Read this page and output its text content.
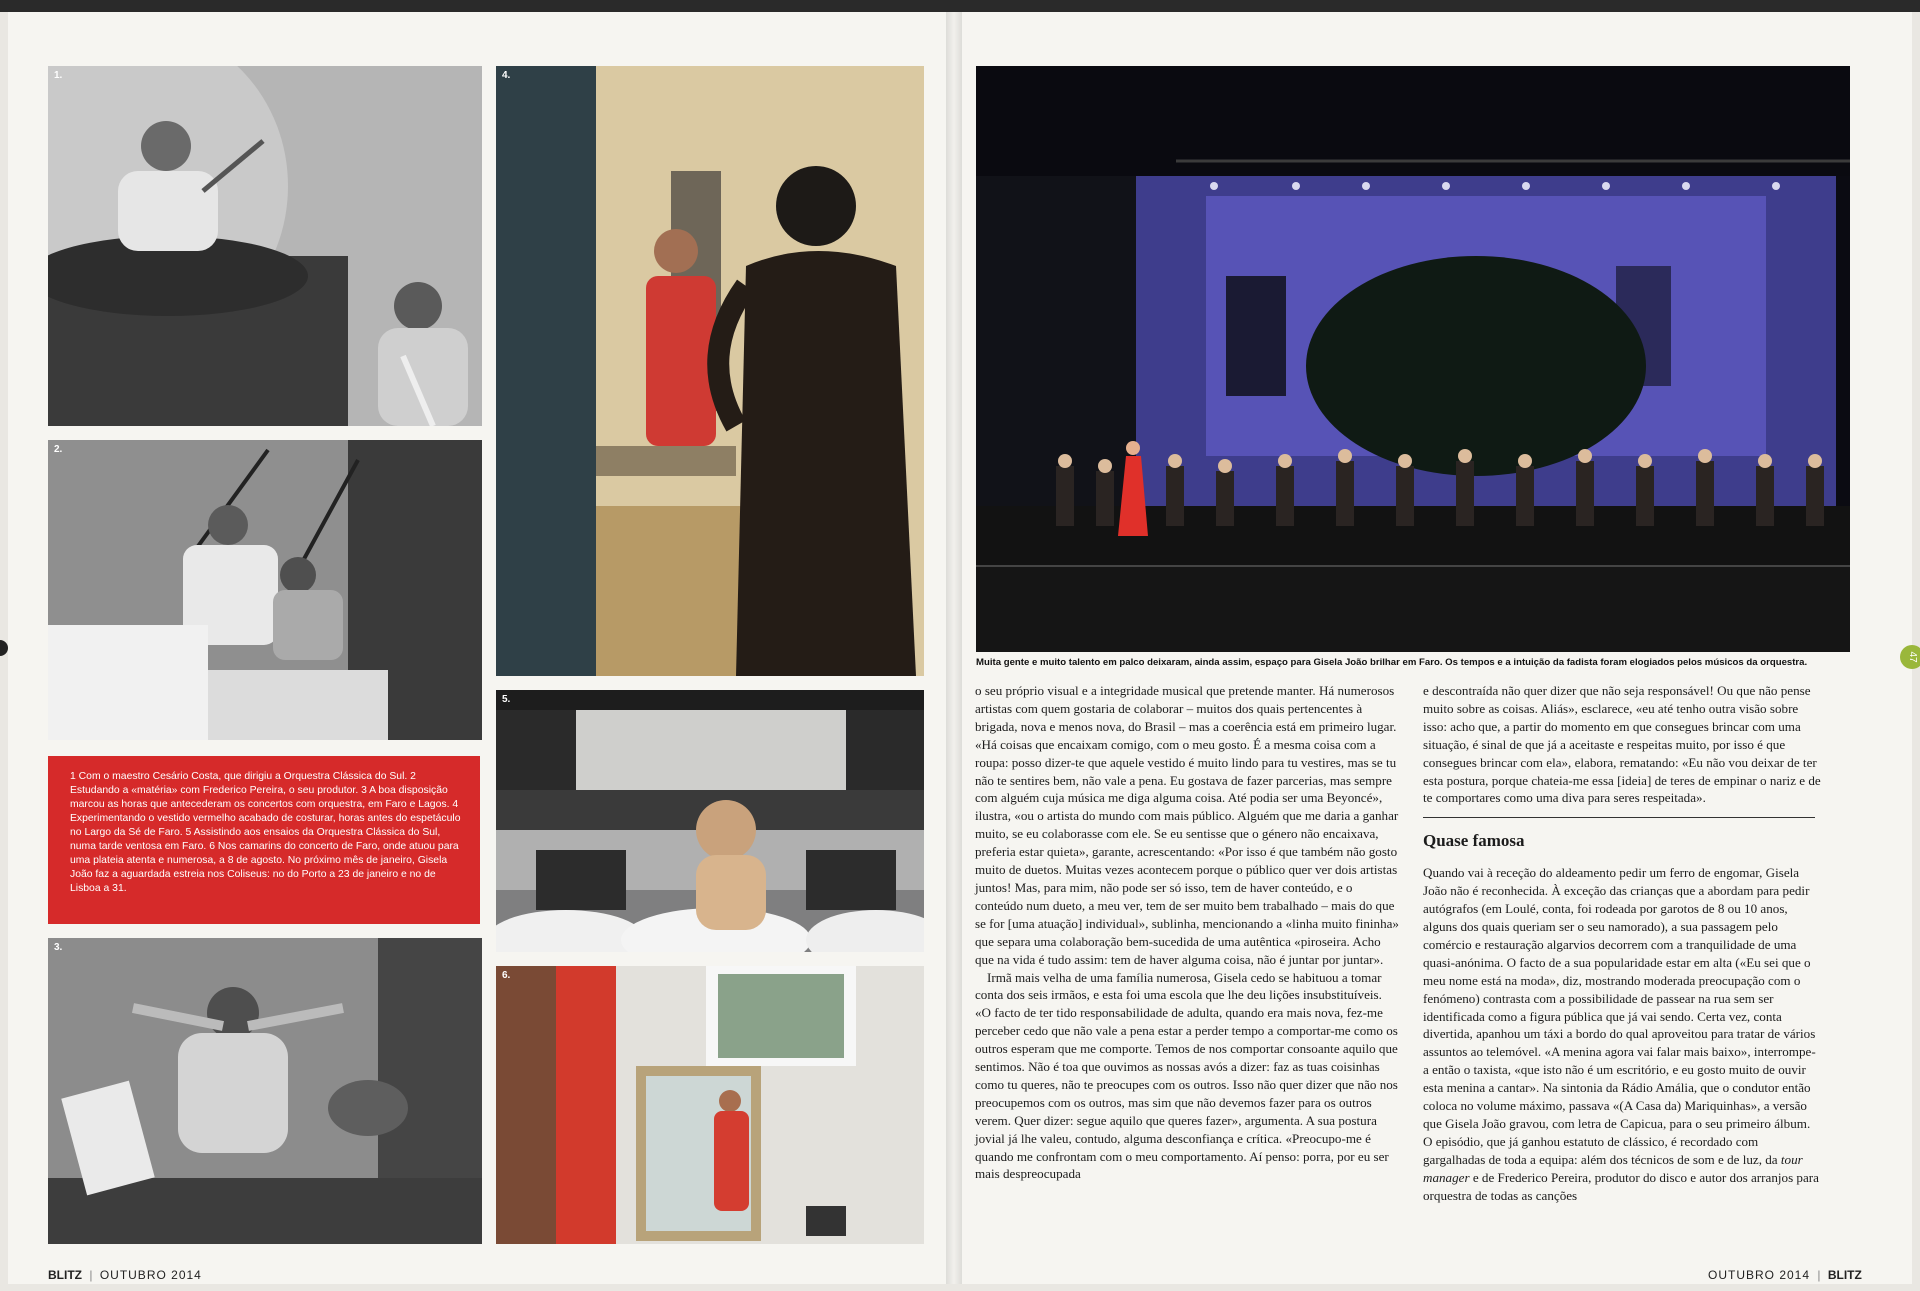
1.
2.

1 Com o maestro Cesário Costa, que dirigiu a Orquestra Clássica do Sul. 2 Estudando a «matéria» com Frederico Pereira, o seu produtor. 3 A boa disposição marcou as horas que antecederam os concertos com orquestra, em Faro e Lagos. 4 Experimentando o vestido vermelho acabado de costurar, horas antes do espetáculo no Largo da Sé de Faro. 5 Assistindo aos ensaios da Orquestra Clássica do Sul, numa tarde ventosa em Faro. 6 Nos camarins do concerto de Faro, onde atuou para uma plateia atenta e numerosa, a 8 de agosto. No próximo mês de janeiro, Gisela João faz a aguardada estreia nos Coliseus: no do Porto a 23 de janeiro e no de Lisboa a 31.

3.
4.
5.
6.
BLITZ | OUTUBRO 2014
Muita gente e muito talento em palco deixaram, ainda assim, espaço para Gisela João brilhar em Faro. Os tempos e a intuição da fadista foram elogiados pelos músicos da orquestra.

o seu próprio visual e a integridade musical que pretende manter. Há numerosos artistas com quem gostaria de colaborar – muitos dos quais pertencentes à brigada, nova e menos nova, do Brasil – mas a coerência está em primeiro lugar. «Há coisas que encaixam comigo, com o meu gosto. É a mesma coisa com a roupa: posso dizer-te que aquele vestido é muito lindo para tu vestires, mas se tu não te sentires bem, não vale a pena. Eu gostava de fazer parcerias, mas sempre com alguém cuja música me diga alguma coisa. Até podia ser uma Beyoncé», ilustra, «ou o artista do mundo com mais público. Alguém que me daria a ganhar muito, se eu colaborasse com ele. Se eu sentisse que o género não encaixava, preferia estar quieta», garante, acrescentando: «Por isso é que também não gosto muito de duetos. Muitas vezes acontecem porque o público quer ver dois artistas juntos! Mas, para mim, não pode ser só isso, tem de haver conteúdo, e o conteúdo num dueto, a meu ver, tem de ser muito bem trabalhado – mais do que se for [uma atuação] individual», sublinha, mencionando a «linha muito fininha» que separa uma colaboração bem-sucedida de uma autêntica «piroseira. Acho que na vida é tudo assim: tem de haver alguma coisa, não é juntar por juntar».

Irmã mais velha de uma família numerosa, Gisela cedo se habituou a tomar conta dos seis irmãos, e esta foi uma escola que lhe deu lições insubstituíveis. «O facto de ter tido responsabilidade de adulta, quando era mais nova, fez-me perceber cedo que não vale a pena estar a perder tempo a comportar-me como os outros esperam que me comporte. Temos de nos comportar consoante aquilo que sentimos. Não é toa que ouvimos as nossas avós a dizer: faz as tuas coisinhas como tu queres, não te preocupes com os outros. Isso não quer dizer que não nos preocupemos com os outros, mas sim que não devemos fazer para os outros verem. Quer dizer: segue aquilo que queres fazer», argumenta. A sua postura jovial já lhe valeu, contudo, alguma desconfiança e crítica. «Preocupo-me é quando me confrontam com o meu comportamento. Aí penso: porra, por eu ser mais despreocupada

e descontraída não quer dizer que não seja responsável! Ou que não pense muito sobre as coisas. Aliás», esclarece, «eu até tenho outra visão sobre isso: acho que, a partir do momento em que consegues brincar com uma situação, é sinal de que já a aceitaste e respeitas muito, por isso é que consegues brincar com ela», elabora, rematando: «Eu não vou deixar de ter esta postura, porque chateia-me essa [ideia] de teres de empinar o nariz e de te comportares como uma diva para seres respeitada».

Quase famosa

Quando vai à receção do aldeamento pedir um ferro de engomar, Gisela João não é reconhecida. À exceção das crianças que a abordam para pedir autógrafos (em Loulé, conta, foi rodeada por garotos de 8 ou 10 anos, alguns dos quais queriam ser o seu namorado), a sua passagem pelo comércio e restauração algarvios decorrem com a tranquilidade de uma quasi-anónima. O facto de a sua popularidade estar em alta («Eu sei que o meu nome está na moda», diz, mostrando moderada preocupação com o fenómeno) contrasta com a possibilidade de passear na rua sem ser identificada como a figura pública que já vai sendo. Certa vez, conta divertida, apanhou um táxi a bordo do qual aproveitou para tratar de vários assuntos ao telemóvel. «A menina agora vai falar mais baixo», interrompe-a então o taxista, «que isto não é um escritório, e eu gosto muito de ouvir esta menina a cantar». Na sintonia da Rádio Amália, que o condutor então coloca no volume máximo, passava «(A Casa da) Mariquinhas», a versão que Gisela João gravou, com letra de Capicua, para o seu primeiro álbum. O episódio, que já ganhou estatuto de clássico, é recordado com gargalhadas de toda a equipa: além dos técnicos de som e de luz, da tour manager e de Frederico Pereira, produtor do disco e autor dos arranjos para orquestra de todas as canções

OUTUBRO 2014 | BLITZ
47
